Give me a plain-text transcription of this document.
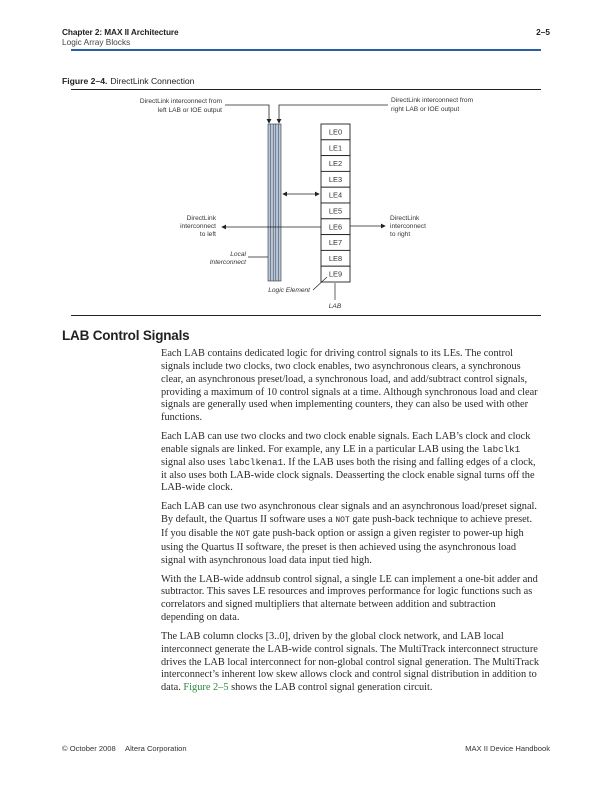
Chapter 2: MAX II Architecture
Logic Array Blocks
2–5
Figure 2–4. DirectLink Connection
DirectLink interconnect from
left LAB or IOE output
DirectLink interconnect from
right LAB or IOE output
LE0
LE1
LE2
LE3
LE4
LE5
LE6
LE7
LE8
LE9
DirectLink
interconnect
to left
DirectLink
interconnect
to right
Local
Interconnect
Logic Element
LAB
LAB Control Signals

Each LAB contains dedicated logic for driving control signals to its LEs. The control signals include two clocks, two clock enables, two asynchronous clears, a synchronous clear, an asynchronous preset/load, a synchronous load, and add/subtract control signals, providing a maximum of 10 control signals at a time. Although synchronous load and clear signals are generally used when implementing counters, they can also be used with other functions.

Each LAB can use two clocks and two clock enable signals. Each LAB’s clock and clock enable signals are linked. For example, any LE in a particular LAB using the labclk1 signal also uses labclkena1. If the LAB uses both the rising and falling edges of a clock, it also uses both LAB-wide clock signals. Deasserting the clock enable signal turns off the LAB-wide clock.

Each LAB can use two asynchronous clear signals and an asynchronous load/preset signal. By default, the Quartus II software uses a NOT gate push-back technique to achieve preset. If you disable the NOT gate push-back option or assign a given register to power-up high using the Quartus II software, the preset is then achieved using the asynchronous load signal with asynchronous load data input tied high.

With the LAB-wide addnsub control signal, a single LE can implement a one-bit adder and subtractor. This saves LE resources and improves performance for logic functions such as correlators and signed multipliers that alternate between addition and subtraction depending on data.

The LAB column clocks [3..0], driven by the global clock network, and LAB local interconnect generate the LAB-wide control signals. The MultiTrack interconnect structure drives the LAB local interconnect for non-global control signal generation. The MultiTrack interconnect’s inherent low skew allows clock and control signal distribution in addition to data. Figure 2–5 shows the LAB control signal generation circuit.

© October 2008 Altera Corporation	MAX II Device Handbook
